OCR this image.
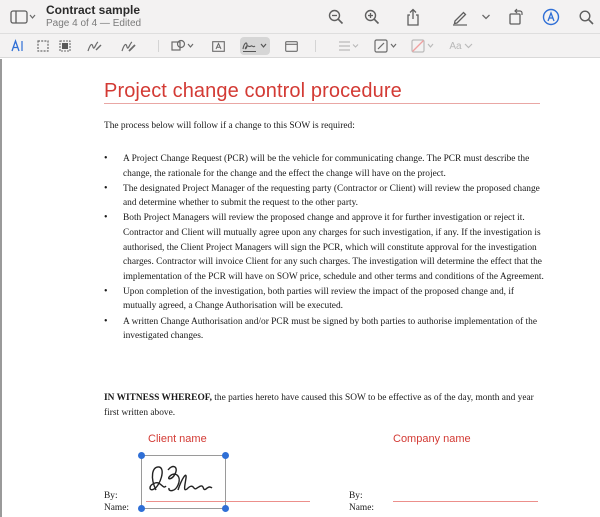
Contract sample
Page 4 of 4 — Edited
Aa
Project change control procedure
The process below will follow if a change to this SOW is required:
• A Project Change Request (PCR) will be the vehicle for communicating change. The PCR must describe the change, the rationale for the change and the effect the change will have on the project.
• The designated Project Manager of the requesting party (Contractor or Client) will review the proposed change and determine whether to submit the request to the other party.
• Both Project Managers will review the proposed change and approve it for further investigation or reject it. Contractor and Client will mutually agree upon any charges for such investigation, if any. If the investigation is authorised, the Client Project Managers will sign the PCR, which will constitute approval for the investigation charges. Contractor will invoice Client for any such charges. The investigation will determine the effect that the implementation of the PCR will have on SOW price, schedule and other terms and conditions of the Agreement.
• Upon completion of the investigation, both parties will review the impact of the proposed change and, if mutually agreed, a Change Authorisation will be executed.
• A written Change Authorisation and/or PCR must be signed by both parties to authorise implementation of the investigated changes.
IN WITNESS WHEREOF, the parties hereto have caused this SOW to be effective as of the day, month and year first written above.
Client name	Company name
By:
Name:
By:
Name:
